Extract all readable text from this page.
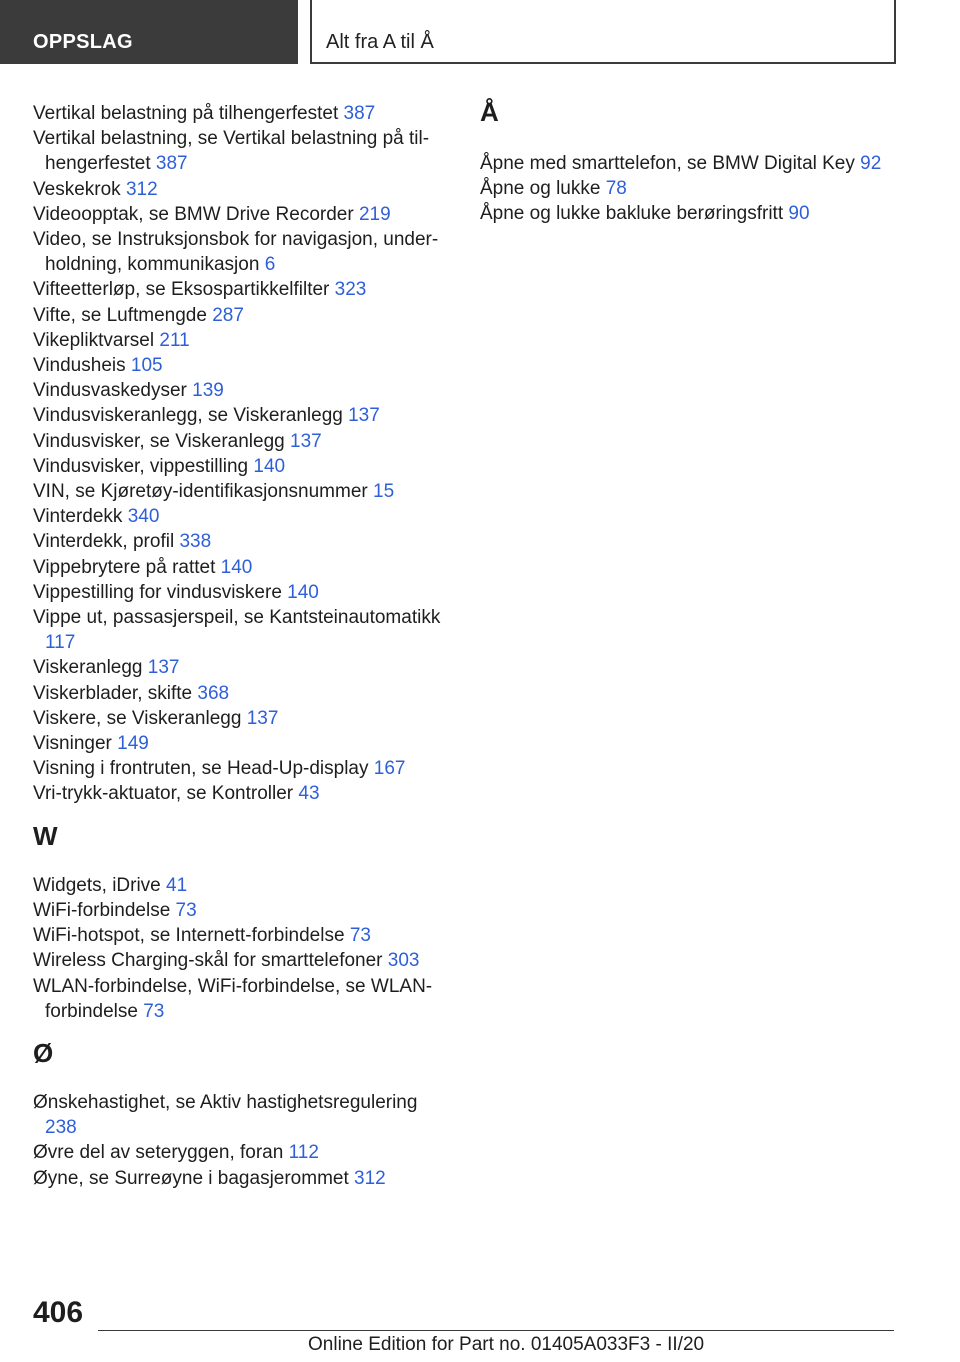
OPPSLAG	Alt fra A til Å
Vertikal belastning på tilhengerfestet 387
Vertikal belastning, se Vertikal belastning på tilhengerfestet 387
Veskekrok 312
Videoopptak, se BMW Drive Recorder 219
Video, se Instruksjonsbok for navigasjon, underholdning, kommunikasjon 6
Vifteetterløp, se Eksospartikkelfilter 323
Vifte, se Luftmengde 287
Vikepliktvarsel 211
Vindusheis 105
Vindusvaskedyser 139
Vindusviskeranlegg, se Viskeranlegg 137
Vindusvisker, se Viskeranlegg 137
Vindusvisker, vippestilling 140
VIN, se Kjøretøy-identifikasjonsnummer 15
Vinterdekk 340
Vinterdekk, profil 338
Vippebrytere på rattet 140
Vippestilling for vindusviskere 140
Vippe ut, passasjerspeil, se Kantsteinautomatikk 117
Viskeranlegg 137
Viskerblader, skifte 368
Viskere, se Viskeranlegg 137
Visninger 149
Visning i frontruten, se Head-Up-display 167
Vri-trykk-aktuator, se Kontroller 43
W
Widgets, iDrive 41
WiFi-forbindelse 73
WiFi-hotspot, se Internett-forbindelse 73
Wireless Charging-skål for smarttelefoner 303
WLAN-forbindelse, WiFi-forbindelse, se WLAN-forbindelse 73
Ø
Ønskehastighet, se Aktiv hastighetsregulering 238
Øvre del av seteryggen, foran 112
Øyne, se Surreøyne i bagasjerommet 312
Å
Åpne med smarttelefon, se BMW Digital Key 92
Åpne og lukke 78
Åpne og lukke bakluke berøringsfritt 90
406
Online Edition for Part no. 01405A033F3 - II/20
